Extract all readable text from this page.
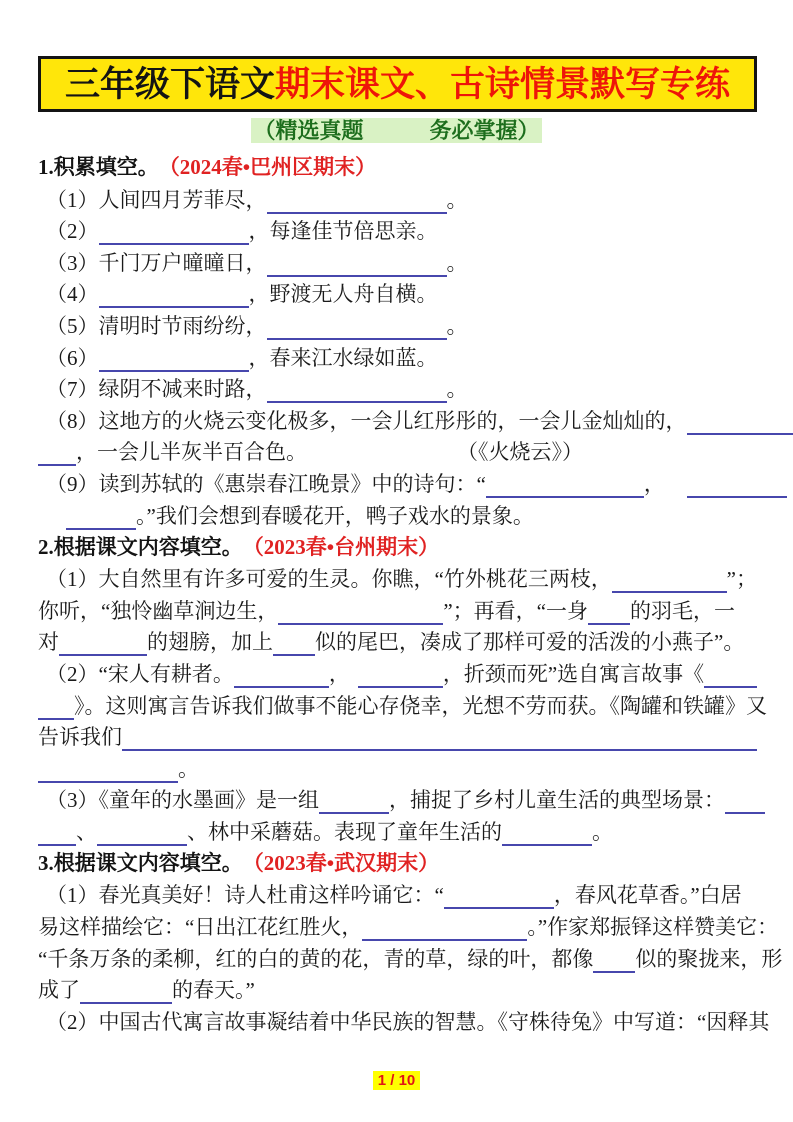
三年级下语文 期末课文、古诗情景默写专练
（精选真题　　　务必掌握）
1.积累填空。 （2024春•巴州区期末）
（1）人间四月芳菲尽，	。
（2）	，每逢佳节倍思亲。
（3）千门万户曈曈日，	。
（4）	，野渡无人舟自横。
（5）清明时节雨纷纷，	。
（6）	，春来江水绿如蓝。
（7）绿阴不减来时路，	。
（8）这地方的火烧云变化极多，一会儿红彤彤的，一会儿金灿灿的，
，一会儿半灰半百合色。	（《火烧云》）
（9）读到苏轼的《惠崇春江晚景》中的诗句：“	，
。”我们会想到春暖花开，鸭子戏水的景象。
2.根据课文内容填空。 （2023春•台州期末）
（1）大自然里有许多可爱的生灵。你瞧，“竹外桃花三两枝，	”；
你听，“独怜幽草涧边生，	”；再看，“一身 的羽毛，一
对	的翅膀，加上 似的尾巴，凑成了那样可爱的活泼的小燕子”。
（2）“宋人有耕者。	，	，折颈而死”选自寓言故事《
》。这则寓言告诉我们做事不能心存侥幸，光想不劳而获。《陶罐和铁罐》又
告诉我们
。
（3）《童年的水墨画》是一组	，捕捉了乡村儿童生活的典型场景：
、	、林中采蘑菇。表现了童年生活的	。
3.根据课文内容填空。 （2023春•武汉期末）
（1）春光真美好！诗人杜甫这样吟诵它：“	，春风花草香。”白居
易这样描绘它：“日出江花红胜火，	。”作家郑振铎这样赞美它：
“千条万条的柔柳，红的白的黄的花，青的草，绿的叶，都像 似的聚拢来，形
成了	的春天。”
（2）中国古代寓言故事凝结着中华民族的智慧。《守株待兔》中写道：“因释其
1 / 10
